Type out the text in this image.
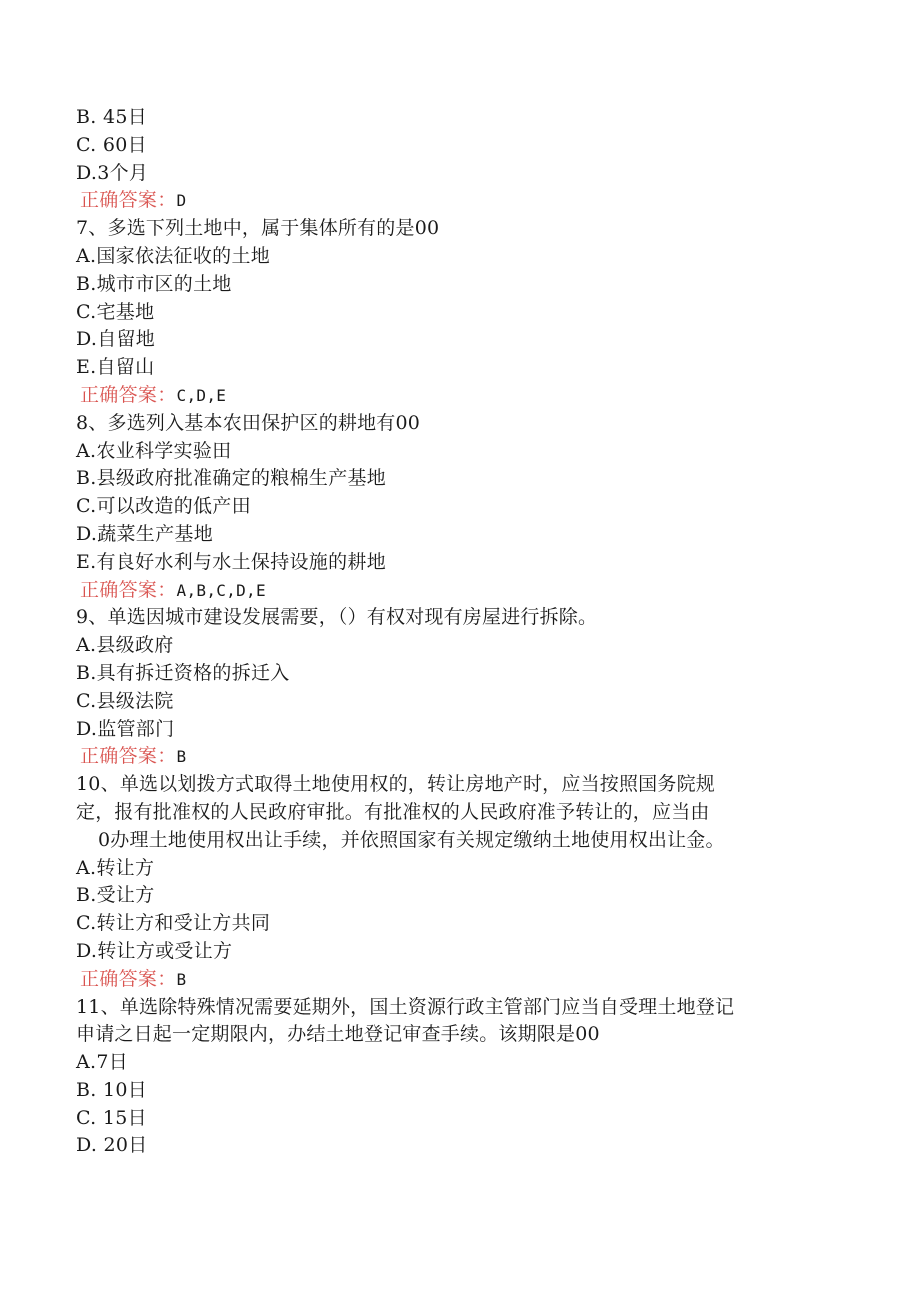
B. 45日
C. 60日
D.3个月
正确答案：D
7、多选下列土地中，属于集体所有的是00
A.国家依法征收的土地
B.城市市区的土地
C.宅基地
D.自留地
E.自留山
正确答案：C,D,E
8、多选列入基本农田保护区的耕地有00
A.农业科学实验田
B.县级政府批准确定的粮棉生产基地
C.可以改造的低产田
D.蔬菜生产基地
E.有良好水利与水土保持设施的耕地
正确答案：A,B,C,D,E
9、单选因城市建设发展需要，（）有权对现有房屋进行拆除。
A.县级政府
B.具有拆迁资格的拆迁入
C.县级法院
D.监管部门
正确答案：B
10、单选以划拨方式取得土地使用权的，转让房地产时，应当按照国务院规
定，报有批准权的人民政府审批。有批准权的人民政府准予转让的，应当由
0办理土地使用权出让手续，并依照国家有关规定缴纳土地使用权出让金。
A.转让方
B.受让方
C.转让方和受让方共同
D.转让方或受让方
正确答案：B
11、单选除特殊情况需要延期外，国土资源行政主管部门应当自受理土地登记
申请之日起一定期限内，办结土地登记审查手续。该期限是00
A.7日
B. 10日
C. 15日
D. 20日
